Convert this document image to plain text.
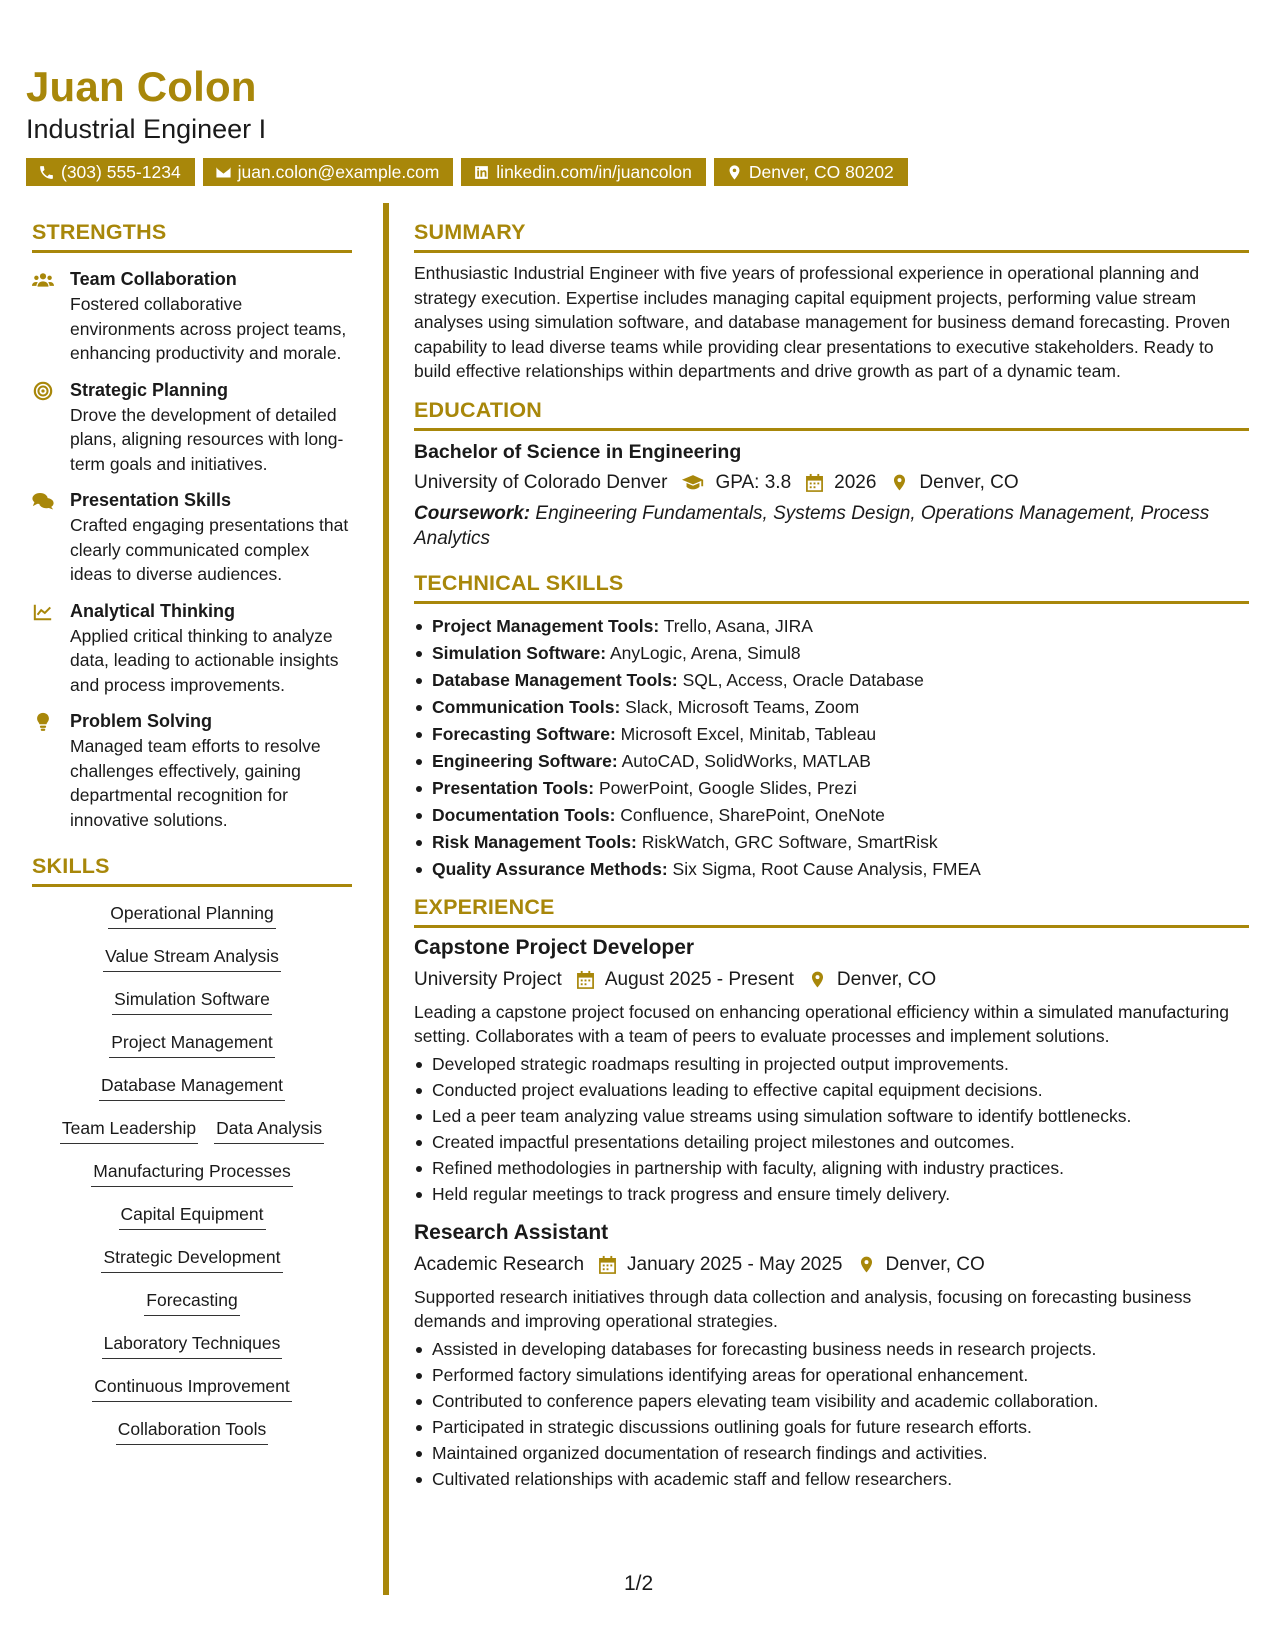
Juan Colon
Industrial Engineer I
(303) 555-1234	juan.colon@example.com	linkedin.com/in/juancolon	Denver, CO 80202
STRENGTHS
Team Collaboration
Fostered collaborative environments across project teams, enhancing productivity and morale.
Strategic Planning
Drove the development of detailed plans, aligning resources with long-term goals and initiatives.
Presentation Skills
Crafted engaging presentations that clearly communicated complex ideas to diverse audiences.
Analytical Thinking
Applied critical thinking to analyze data, leading to actionable insights and process improvements.
Problem Solving
Managed team efforts to resolve challenges effectively, gaining departmental recognition for innovative solutions.
SKILLS
Operational Planning
Value Stream Analysis
Simulation Software
Project Management
Database Management
Team Leadership Data Analysis
Manufacturing Processes
Capital Equipment
Strategic Development
Forecasting
Laboratory Techniques
Continuous Improvement
Collaboration Tools
SUMMARY
Enthusiastic Industrial Engineer with five years of professional experience in operational planning and strategy execution. Expertise includes managing capital equipment projects, performing value stream analyses using simulation software, and database management for business demand forecasting. Proven capability to lead diverse teams while providing clear presentations to executive stakeholders. Ready to build effective relationships within departments and drive growth as part of a dynamic team.
EDUCATION
Bachelor of Science in Engineering
University of Colorado Denver	GPA: 3.8 2026 Denver, CO
Coursework: Engineering Fundamentals, Systems Design, Operations Management, Process Analytics
TECHNICAL SKILLS
Project Management Tools: Trello, Asana, JIRA
Simulation Software: AnyLogic, Arena, Simul8
Database Management Tools: SQL, Access, Oracle Database
Communication Tools: Slack, Microsoft Teams, Zoom
Forecasting Software: Microsoft Excel, Minitab, Tableau
Engineering Software: AutoCAD, SolidWorks, MATLAB
Presentation Tools: PowerPoint, Google Slides, Prezi
Documentation Tools: Confluence, SharePoint, OneNote
Risk Management Tools: RiskWatch, GRC Software, SmartRisk
Quality Assurance Methods: Six Sigma, Root Cause Analysis, FMEA
EXPERIENCE
Capstone Project Developer
University Project August 2025 - Present Denver, CO
Leading a capstone project focused on enhancing operational efficiency within a simulated manufacturing setting. Collaborates with a team of peers to evaluate processes and implement solutions.
Developed strategic roadmaps resulting in projected output improvements.
Conducted project evaluations leading to effective capital equipment decisions.
Led a peer team analyzing value streams using simulation software to identify bottlenecks.
Created impactful presentations detailing project milestones and outcomes.
Refined methodologies in partnership with faculty, aligning with industry practices.
Held regular meetings to track progress and ensure timely delivery.
Research Assistant
Academic Research January 2025 - May 2025 Denver, CO
Supported research initiatives through data collection and analysis, focusing on forecasting business demands and improving operational strategies.
Assisted in developing databases for forecasting business needs in research projects.
Performed factory simulations identifying areas for operational enhancement.
Contributed to conference papers elevating team visibility and academic collaboration.
Participated in strategic discussions outlining goals for future research efforts.
Maintained organized documentation of research findings and activities.
Cultivated relationships with academic staff and fellow researchers.
1/2
